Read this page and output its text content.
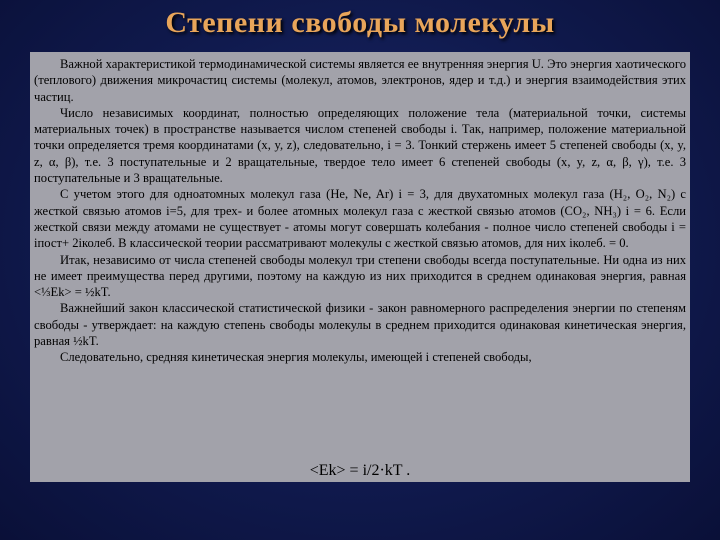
Степени свободы молекулы

Важной характеристикой термодинамической системы является ее внутренняя энергия U. Это энергия хаотического (теплового) движения микрочастиц системы (молекул, атомов, электронов, ядер и т.д.) и энергия взаимодействия этих частиц.

Число независимых координат, полностью определяющих положение тела (материальной точки, системы материальных точек) в пространстве называется числом степеней свободы i. Так, например, положение материальной точки определяется тремя координатами (x, y, z), следовательно, i = 3. Тонкий стержень имеет 5 степеней свободы (x, y, z, α, β), т.е. 3 поступательные и 2 вращательные, твердое тело имеет 6 степеней свободы (x, y, z, α, β, γ), т.е. 3 поступательные и 3 вращательные.

С учетом этого для одноатомных молекул газа (He, Ne, Ar) i = 3, для двухатомных молекул газа (H₂, O₂, N₂) с жесткой связью атомов i=5, для трех- и более атомных молекул газа с жесткой связью атомов (CO₂, NH₃) i = 6. Если жесткой связи между атомами не существует - атомы могут совершать колебания - полное число степеней свободы i = iпост+ 2iколеб. В классической теории рассматривают молекулы с жесткой связью атомов, для них iколеб. = 0.

Итак, независимо от числа степеней свободы молекул три степени свободы всегда поступательные. Ни одна из них не имеет преимущества перед другими, поэтому на каждую из них приходится в среднем одинаковая энергия, равная <⅓Ek> = ½kT.

Важнейший закон классической статистической физики - закон равномерного распределения энергии по степеням свободы - утверждает: на каждую степень свободы молекулы в среднем приходится одинаковая кинетическая энергия, равная ½kT.

Следовательно, средняя кинетическая энергия молекулы, имеющей i степеней свободы,

<Ek> = i/2·kT .
